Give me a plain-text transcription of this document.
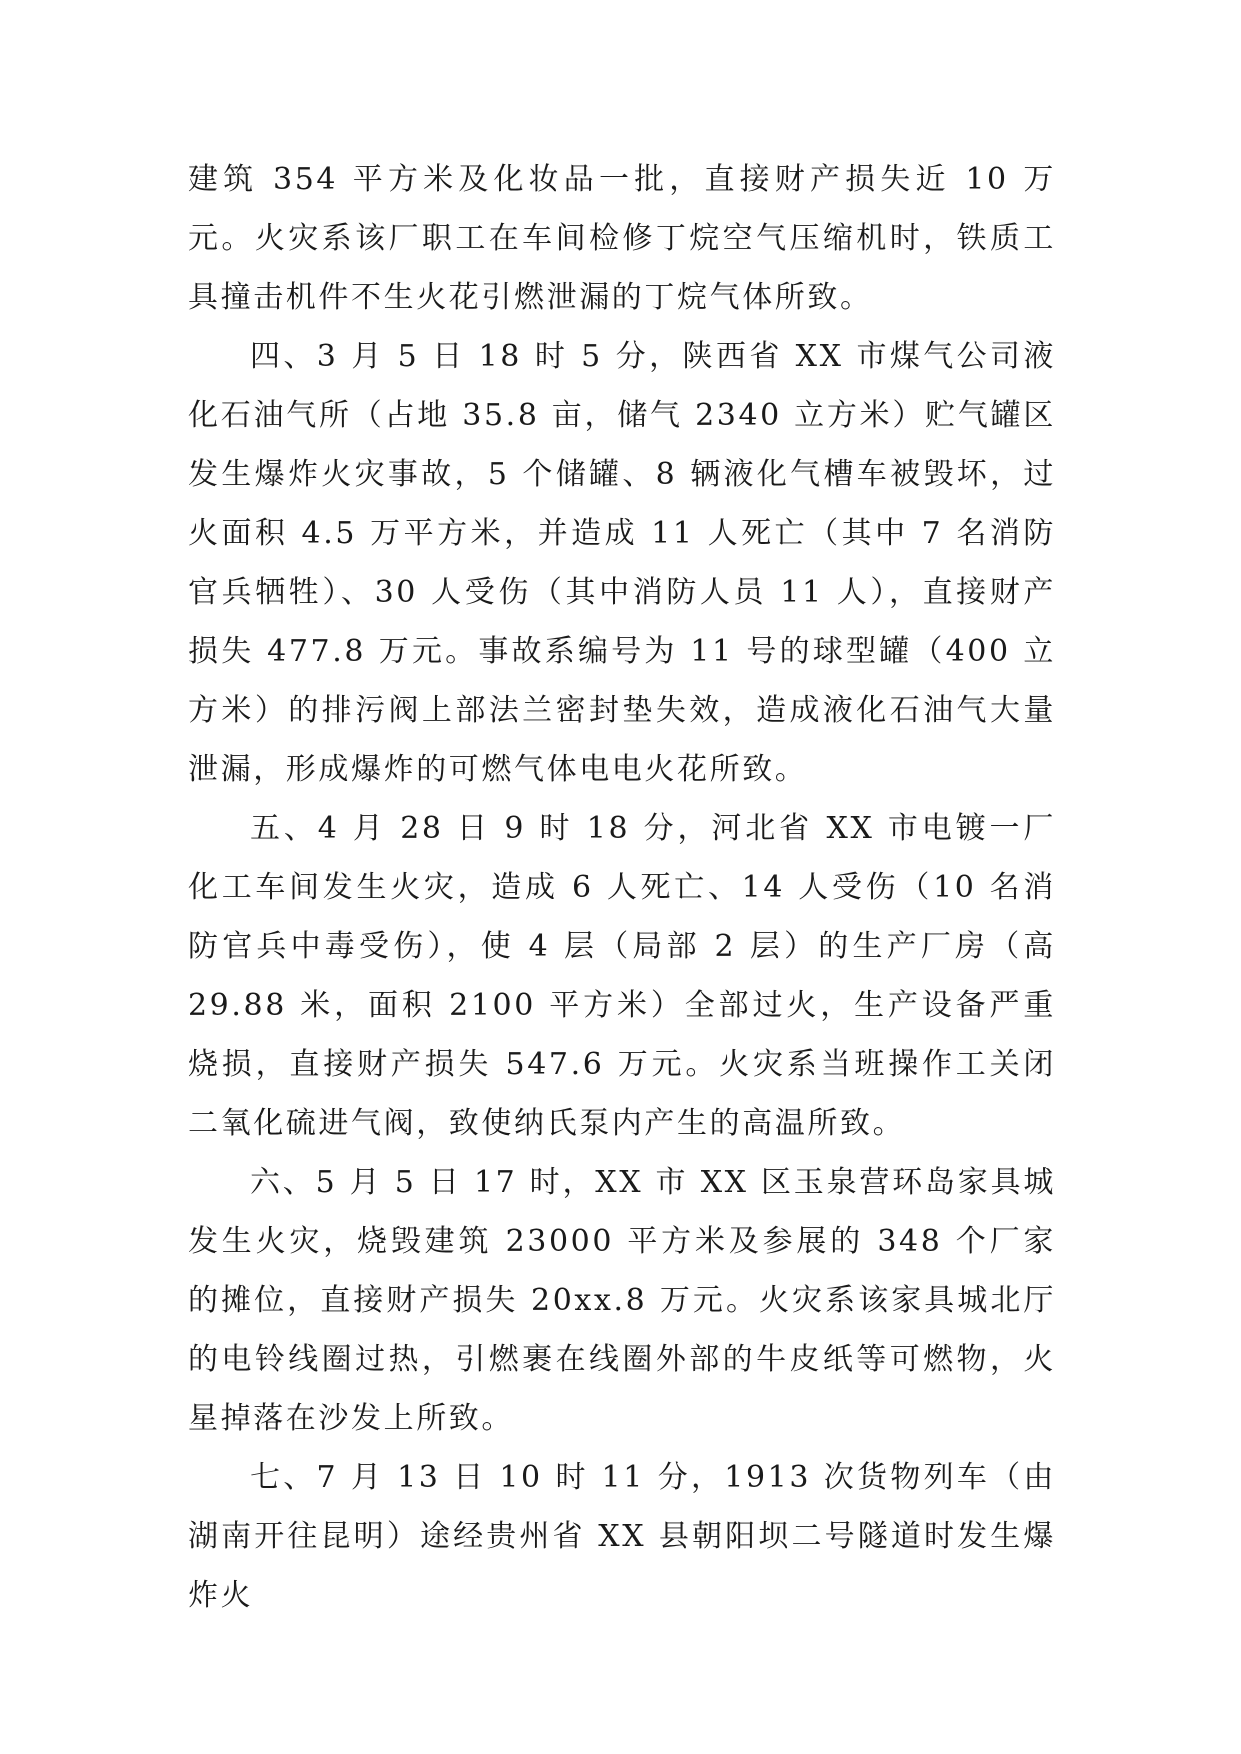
建筑 354 平方米及化妆品一批，直接财产损失近 10 万元。火灾系该厂职工在车间检修丁烷空气压缩机时，铁质工具撞击机件不生火花引燃泄漏的丁烷气体所致。

四、3 月 5 日 18 时 5 分，陕西省 XX 市煤气公司液化石油气所（占地 35.8 亩，储气 2340 立方米）贮气罐区发生爆炸火灾事故，5 个储罐、8 辆液化气槽车被毁坏，过火面积 4.5 万平方米，并造成 11 人死亡（其中 7 名消防官兵牺牲）、30 人受伤（其中消防人员 11 人），直接财产损失 477.8 万元。事故系编号为 11 号的球型罐（400 立方米）的排污阀上部法兰密封垫失效，造成液化石油气大量泄漏，形成爆炸的可燃气体电电火花所致。

五、4 月 28 日 9 时 18 分，河北省 XX 市电镀一厂化工车间发生火灾，造成 6 人死亡、14 人受伤（10 名消防官兵中毒受伤），使 4 层（局部 2 层）的生产厂房（高 29.88 米，面积 2100 平方米）全部过火，生产设备严重烧损，直接财产损失 547.6 万元。火灾系当班操作工关闭二氧化硫进气阀，致使纳氏泵内产生的高温所致。

六、5 月 5 日 17 时，XX 市 XX 区玉泉营环岛家具城发生火灾，烧毁建筑 23000 平方米及参展的 348 个厂家的摊位，直接财产损失 20xx.8 万元。火灾系该家具城北厅的电铃线圈过热，引燃裹在线圈外部的牛皮纸等可燃物，火星掉落在沙发上所致。

七、7 月 13 日 10 时 11 分，1913 次货物列车（由湖南开往昆明）途经贵州省 XX 县朝阳坝二号隧道时发生爆炸火
